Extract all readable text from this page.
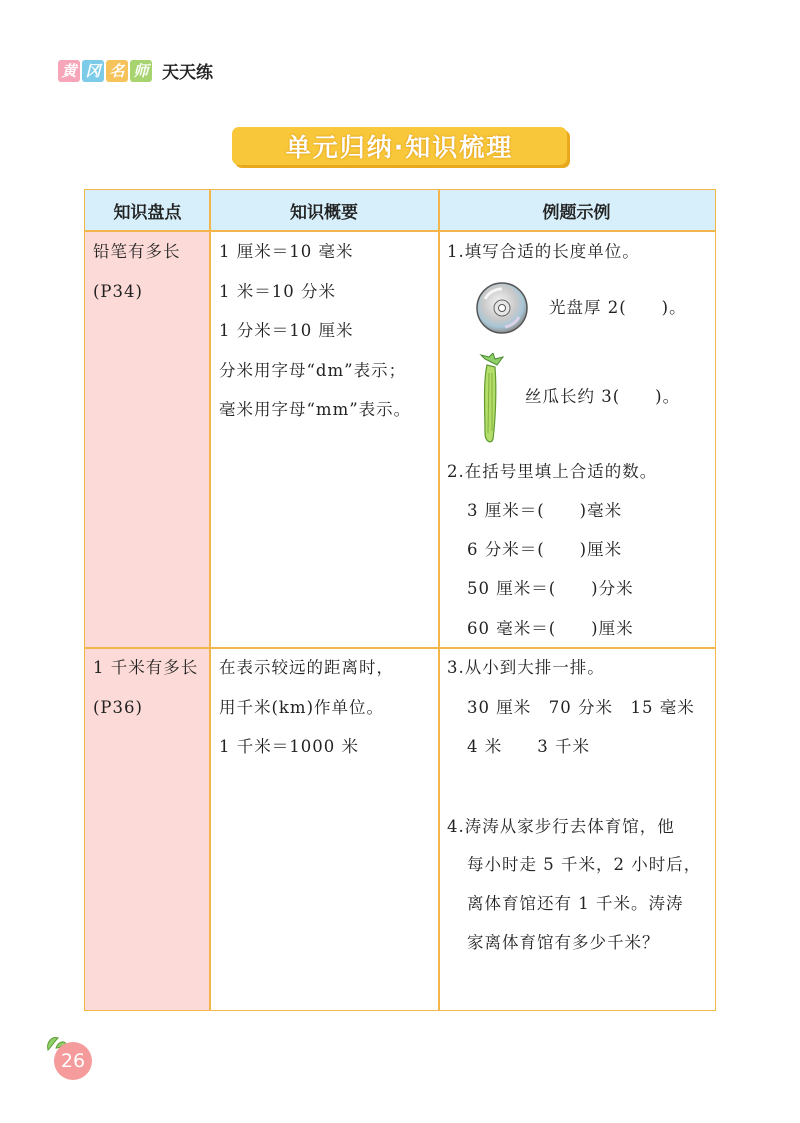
黄 冈 名 师 天天练
单元归纳·知识梳理
知识盘点	知识概要	例题示例
铅笔有多长
(P34)
1 厘米＝10 毫米
1 米＝10 分米
1 分米＝10 厘米
分米用字母“dm”表示；
毫米用字母“mm”表示。
1.填写合适的长度单位。
光盘厚 2(　　)。
丝瓜长约 3(　　)。
2.在括号里填上合适的数。
3 厘米＝(　　)毫米
6 分米＝(　　)厘米
50 厘米＝(　　)分米
60 毫米＝(　　)厘米
1 千米有多长
(P36)
在表示较远的距离时，
用千米(km)作单位。
1 千米＝1000 米
3.从小到大排一排。
30 厘米　70 分米　15 毫米
4 米　　3 千米
4.涛涛从家步行去体育馆，他
每小时走 5 千米，2 小时后，
离体育馆还有 1 千米。涛涛
家离体育馆有多少千米？
26
